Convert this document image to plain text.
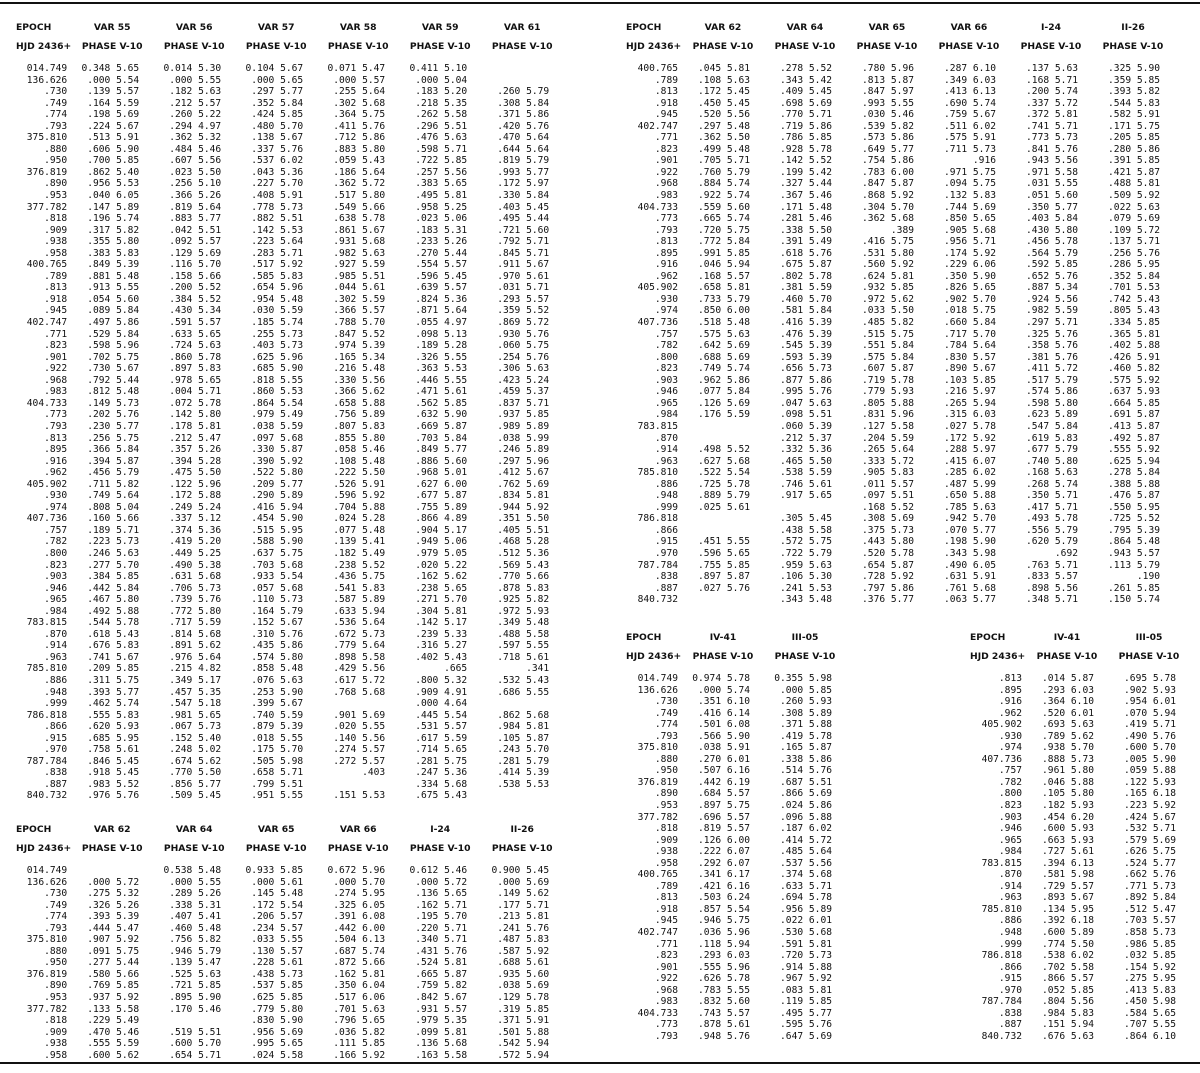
EPOCH	VAR 55	VAR 56	VAR 57	VAR 58	VAR 59	VAR 61
HJD 2436+	PHASE V-10	PHASE V-10	PHASE V-10	PHASE V-10	PHASE V-10	PHASE V-10

014.749	0.348 5.65	0.014 5.30	0.104 5.67	0.071 5.47	0.411 5.10	
136.626	.000 5.54	.000 5.55	.000 5.65	.000 5.57	.000 5.04	
.730	.139 5.57	.182 5.63	.297 5.77	.255 5.64	.183 5.20	.260 5.79
.749	.164 5.59	.212 5.57	.352 5.84	.302 5.68	.218 5.35	.308 5.84
.774	.198 5.69	.260 5.22	.424 5.85	.364 5.75	.262 5.58	.371 5.86
.793	.224 5.67	.294 4.97	.480 5.70	.411 5.76	.296 5.51	.420 5.76
375.810	.513 5.91	.362 5.32	.138 5.67	.712 5.86	.476 5.63	.470 5.64
.880	.606 5.90	.484 5.46	.337 5.76	.883 5.80	.598 5.71	.644 5.64
.950	.700 5.85	.607 5.56	.537 6.02	.059 5.43	.722 5.85	.819 5.79
376.819	.862 5.40	.023 5.50	.043 5.36	.186 5.64	.257 5.56	.993 5.77
.890	.956 5.53	.256 5.10	.227 5.70	.362 5.72	.383 5.65	.172 5.97
.953	.040 6.05	.366 5.26	.408 5.91	.517 5.80	.495 5.81	.330 5.84
377.782	.147 5.89	.819 5.64	.778 5.73	.549 5.66	.958 5.25	.403 5.45
.818	.196 5.74	.883 5.77	.882 5.51	.638 5.78	.023 5.06	.495 5.44
.909	.317 5.82	.042 5.51	.142 5.53	.861 5.67	.183 5.31	.721 5.60
.938	.355 5.80	.092 5.57	.223 5.64	.931 5.68	.233 5.26	.792 5.71
.958	.383 5.83	.129 5.69	.283 5.71	.982 5.63	.270 5.44	.845 5.71
400.765	.849 5.39	.116 5.70	.517 5.92	.927 5.59	.554 5.57	.911 5.67
.789	.881 5.48	.158 5.66	.585 5.83	.985 5.51	.596 5.45	.970 5.61
.813	.913 5.55	.200 5.52	.654 5.96	.044 5.61	.639 5.57	.031 5.71
.918	.054 5.60	.384 5.52	.954 5.48	.302 5.59	.824 5.36	.293 5.57
.945	.089 5.84	.430 5.34	.030 5.59	.366 5.57	.871 5.64	.359 5.52
402.747	.497 5.86	.591 5.57	.185 5.74	.788 5.70	.055 4.97	.869 5.72
.771	.529 5.84	.633 5.65	.255 5.73	.847 5.52	.098 5.13	.930 5.76
.823	.598 5.96	.724 5.63	.403 5.73	.974 5.39	.189 5.28	.060 5.75
.901	.702 5.75	.860 5.78	.625 5.96	.165 5.34	.326 5.55	.254 5.76
.922	.730 5.67	.897 5.83	.685 5.90	.216 5.48	.363 5.53	.306 5.63
.968	.792 5.44	.978 5.65	.818 5.55	.330 5.56	.446 5.55	.423 5.24
.983	.812 5.48	.004 5.71	.860 5.53	.366 5.62	.471 5.61	.459 5.37
404.733	.149 5.73	.072 5.78	.864 5.54	.658 5.88	.562 5.85	.837 5.71
.773	.202 5.76	.142 5.80	.979 5.49	.756 5.89	.632 5.90	.937 5.85
.793	.230 5.77	.178 5.81	.038 5.59	.807 5.83	.669 5.87	.989 5.89
.813	.256 5.75	.212 5.47	.097 5.68	.855 5.80	.703 5.84	.038 5.99
.895	.366 5.84	.357 5.26	.330 5.87	.058 5.46	.849 5.77	.246 5.89
.916	.394 5.87	.394 5.28	.390 5.92	.108 5.48	.886 5.60	.297 5.96
.962	.456 5.79	.475 5.50	.522 5.80	.222 5.50	.968 5.01	.412 5.67
405.902	.711 5.82	.122 5.96	.209 5.77	.526 5.91	.627 6.00	.762 5.69
.930	.749 5.64	.172 5.88	.290 5.89	.596 5.92	.677 5.87	.834 5.81
.974	.808 5.04	.249 5.24	.416 5.94	.704 5.88	.755 5.89	.944 5.92
407.736	.160 5.66	.337 5.12	.454 5.90	.024 5.28	.866 4.89	.351 5.50
.757	.189 5.71	.374 5.36	.515 5.95	.077 5.48	.904 5.17	.405 5.51
.782	.223 5.73	.419 5.20	.588 5.90	.139 5.41	.949 5.06	.468 5.28
.800	.246 5.63	.449 5.25	.637 5.75	.182 5.49	.979 5.05	.512 5.36
.823	.277 5.70	.490 5.38	.703 5.68	.238 5.52	.020 5.22	.569 5.43
.903	.384 5.85	.631 5.68	.933 5.54	.436 5.75	.162 5.62	.770 5.66
.946	.442 5.84	.706 5.73	.057 5.68	.541 5.83	.238 5.65	.878 5.83
.965	.467 5.80	.739 5.76	.110 5.73	.587 5.89	.271 5.70	.925 5.82
.984	.492 5.88	.772 5.80	.164 5.79	.633 5.94	.304 5.81	.972 5.93
783.815	.544 5.78	.717 5.59	.152 5.67	.536 5.64	.142 5.17	.349 5.48
.870	.618 5.43	.814 5.68	.310 5.76	.672 5.73	.239 5.33	.488 5.58
.914	.676 5.83	.891 5.62	.435 5.86	.779 5.64	.316 5.27	.597 5.55
.963	.741 5.67	.976 5.64	.574 5.80	.898 5.58	.402 5.43	.718 5.61
785.810	.209 5.85	.215 4.82	.858 5.48	.429 5.56	.665	.341
.886	.311 5.75	.349 5.17	.076 5.63	.617 5.72	.800 5.32	.532 5.43
.948	.393 5.77	.457 5.35	.253 5.90	.768 5.68	.909 4.91	.686 5.55
.999	.462 5.74	.547 5.18	.399 5.67		.000 4.64	
786.818	.555 5.83	.981 5.65	.740 5.59	.901 5.69	.445 5.54	.862 5.68
.866	.620 5.93	.067 5.73	.879 5.39	.020 5.55	.531 5.57	.984 5.81
.915	.685 5.95	.152 5.40	.018 5.55	.140 5.56	.617 5.59	.105 5.87
.970	.758 5.61	.248 5.02	.175 5.70	.274 5.57	.714 5.65	.243 5.70
787.784	.846 5.45	.674 5.62	.505 5.98	.272 5.57	.281 5.75	.281 5.79
.838	.918 5.45	.770 5.50	.658 5.71	.403	.247 5.36	.414 5.39
.887	.983 5.52	.856 5.77	.799 5.51		.334 5.68	.538 5.53
840.732	.976 5.76	.509 5.45	.951 5.55	.151 5.53	.675 5.43	
EPOCH	VAR 62	VAR 64	VAR 65	VAR 66	I-24	II-26
HJD 2436+	PHASE V-10	PHASE V-10	PHASE V-10	PHASE V-10	PHASE V-10	PHASE V-10

014.749		0.538 5.48	0.933 5.85	0.672 5.96	0.612 5.46	0.900 5.45
136.626	.000 5.72	.000 5.55	.000 5.61	.000 5.70	.000 5.72	.000 5.69
.730	.275 5.32	.289 5.26	.145 5.48	.274 5.95	.136 5.65	.149 5.62
.749	.326 5.26	.338 5.31	.172 5.54	.325 6.05	.162 5.71	.177 5.71
.774	.393 5.39	.407 5.41	.206 5.57	.391 6.08	.195 5.70	.213 5.81
.793	.444 5.47	.460 5.48	.234 5.57	.442 6.00	.220 5.71	.241 5.76
375.810	.907 5.92	.756 5.82	.033 5.55	.504 6.13	.340 5.71	.487 5.83
.880	.091 5.75	.946 5.79	.130 5.57	.687 5.74	.431 5.76	.587 5.92
.950	.277 5.44	.139 5.47	.228 5.61	.872 5.66	.524 5.81	.688 5.61
376.819	.580 5.66	.525 5.63	.438 5.73	.162 5.81	.665 5.87	.935 5.60
.890	.769 5.85	.721 5.85	.537 5.85	.350 6.04	.759 5.82	.038 5.69
.953	.937 5.92	.895 5.90	.625 5.85	.517 6.06	.842 5.67	.129 5.78
377.782	.133 5.58	.170 5.46	.779 5.80	.701 5.63	.931 5.57	.319 5.85
.818	.229 5.49		.830 5.90	.796 5.65	.979 5.35	.371 5.91
.909	.470 5.46	.519 5.51	.956 5.69	.036 5.82	.099 5.81	.501 5.88
.938	.555 5.59	.600 5.70	.995 5.65	.111 5.85	.136 5.68	.542 5.94
.958	.600 5.62	.654 5.71	.024 5.58	.166 5.92	.163 5.58	.572 5.94
EPOCH	VAR 62	VAR 64	VAR 65	VAR 66	I-24	II-26
HJD 2436+	PHASE V-10	PHASE V-10	PHASE V-10	PHASE V-10	PHASE V-10	PHASE V-10

400.765	.045 5.81	.278 5.52	.780 5.96	.287 6.10	.137 5.63	.325 5.90
.789	.108 5.63	.343 5.42	.813 5.87	.349 6.03	.168 5.71	.359 5.85
.813	.172 5.45	.409 5.45	.847 5.97	.413 6.13	.200 5.74	.393 5.82
.918	.450 5.45	.698 5.69	.993 5.55	.690 5.74	.337 5.72	.544 5.83
.945	.520 5.56	.770 5.71	.030 5.46	.759 5.67	.372 5.81	.582 5.91
402.747	.297 5.48	.719 5.86	.539 5.82	.511 6.02	.741 5.71	.171 5.75
.771	.362 5.50	.786 5.85	.573 5.86	.575 5.91	.773 5.73	.205 5.85
.823	.499 5.48	.928 5.78	.649 5.77	.711 5.73	.841 5.76	.280 5.86
.901	.705 5.71	.142 5.52	.754 5.86	.916	.943 5.56	.391 5.85
.922	.760 5.79	.199 5.42	.783 6.00	.971 5.75	.971 5.58	.421 5.87
.968	.884 5.74	.327 5.44	.847 5.87	.094 5.75	.031 5.55	.488 5.81
.983	.922 5.74	.367 5.46	.868 5.92	.132 5.83	.051 5.60	.509 5.92
404.733	.559 5.60	.171 5.48	.304 5.70	.744 5.69	.350 5.77	.022 5.63
.773	.665 5.74	.281 5.46	.362 5.68	.850 5.65	.403 5.84	.079 5.69
.793	.720 5.75	.338 5.50	.389	.905 5.68	.430 5.80	.109 5.72
.813	.772 5.84	.391 5.49	.416 5.75	.956 5.71	.456 5.78	.137 5.71
.895	.991 5.85	.618 5.76	.531 5.80	.174 5.92	.564 5.79	.256 5.76
.916	.046 5.94	.675 5.87	.560 5.92	.229 6.06	.592 5.85	.286 5.95
.962	.168 5.57	.802 5.78	.624 5.81	.350 5.90	.652 5.76	.352 5.84
405.902	.658 5.81	.381 5.59	.932 5.85	.826 5.65	.887 5.34	.701 5.53
.930	.733 5.79	.460 5.70	.972 5.62	.902 5.70	.924 5.56	.742 5.43
.974	.850 6.00	.581 5.84	.033 5.50	.018 5.75	.982 5.59	.805 5.43
407.736	.518 5.48	.416 5.39	.485 5.82	.660 5.84	.297 5.71	.334 5.85
.757	.575 5.63	.476 5.39	.515 5.75	.717 5.70	.325 5.76	.365 5.81
.782	.642 5.69	.545 5.39	.551 5.84	.784 5.64	.358 5.76	.402 5.88
.800	.688 5.69	.593 5.39	.575 5.84	.830 5.57	.381 5.76	.426 5.91
.823	.749 5.74	.656 5.73	.607 5.87	.890 5.67	.411 5.72	.460 5.82
.903	.962 5.86	.877 5.86	.719 5.78	.103 5.85	.517 5.79	.575 5.92
.946	.077 5.84	.995 5.76	.779 5.93	.216 5.97	.574 5.86	.637 5.93
.965	.126 5.69	.047 5.63	.805 5.88	.265 5.94	.598 5.80	.664 5.85
.984	.176 5.59	.098 5.51	.831 5.96	.315 6.03	.623 5.89	.691 5.87
783.815		.060 5.39	.127 5.58	.027 5.78	.547 5.84	.413 5.87
.870		.212 5.37	.204 5.59	.172 5.92	.619 5.83	.492 5.87
.914	.498 5.52	.332 5.36	.265 5.64	.288 5.97	.677 5.79	.555 5.92
.963	.627 5.68	.465 5.50	.333 5.72	.415 6.07	.740 5.80	.625 5.94
785.810	.522 5.54	.538 5.59	.905 5.83	.285 6.02	.168 5.63	.278 5.84
.886	.725 5.78	.746 5.61	.011 5.57	.487 5.99	.268 5.74	.388 5.88
.948	.889 5.79	.917 5.65	.097 5.51	.650 5.88	.350 5.71	.476 5.87
.999	.025 5.61		.168 5.52	.785 5.63	.417 5.71	.550 5.95
786.818		.305 5.45	.308 5.69	.942 5.70	.493 5.78	.725 5.52
.866		.438 5.58	.375 5.73	.070 5.77	.556 5.79	.795 5.39
.915	.451 5.55	.572 5.75	.443 5.80	.198 5.90	.620 5.79	.864 5.48
.970	.596 5.65	.722 5.79	.520 5.78	.343 5.98	.692	.943 5.57
787.784	.755 5.85	.959 5.63	.654 5.87	.490 6.05	.763 5.71	.113 5.79
.838	.897 5.87	.106 5.30	.728 5.92	.631 5.91	.833 5.57	.190
.887	.027 5.76	.241 5.53	.797 5.86	.761 5.68	.898 5.56	.261 5.85
840.732		.343 5.48	.376 5.77	.063 5.77	.348 5.71	.150 5.74
EPOCH	IV-41	III-05
HJD 2436+	PHASE V-10	PHASE V-10

014.749	0.974 5.78	0.355 5.98
136.626	.000 5.74	.000 5.85
.730	.351 6.10	.260 5.93
.749	.416 6.14	.308 5.89
.774	.501 6.08	.371 5.88
.793	.566 5.90	.419 5.78
375.810	.038 5.91	.165 5.87
.880	.270 6.01	.338 5.86
.950	.507 6.16	.514 5.76
376.819	.442 6.19	.687 5.51
.890	.684 5.57	.866 5.69
.953	.897 5.75	.024 5.86
377.782	.696 5.57	.096 5.88
.818	.819 5.57	.187 6.02
.909	.126 6.00	.414 5.72
.938	.222 6.07	.485 5.64
.958	.292 6.07	.537 5.56
400.765	.341 6.17	.374 5.68
.789	.421 6.16	.633 5.71
.813	.503 6.24	.694 5.78
.918	.857 5.54	.956 5.89
.945	.946 5.75	.022 6.01
402.747	.036 5.96	.530 5.68
.771	.118 5.94	.591 5.81
.823	.293 6.03	.720 5.73
.901	.555 5.96	.914 5.88
.922	.626 5.78	.967 5.92
.968	.783 5.55	.083 5.81
.983	.832 5.60	.119 5.85
404.733	.743 5.57	.495 5.77
.773	.878 5.61	.595 5.76
.793	.948 5.76	.647 5.69
EPOCH	IV-41	III-05
HJD 2436+	PHASE V-10	PHASE V-10

.813	.014 5.87	.695 5.78
.895	.293 6.03	.902 5.93
.916	.364 6.10	.954 6.01
.962	.520 6.01	.070 5.94
405.902	.693 5.63	.419 5.71
.930	.789 5.62	.490 5.76
.974	.938 5.70	.600 5.70
407.736	.888 5.73	.005 5.90
.757	.961 5.80	.059 5.88
.782	.046 5.88	.122 5.93
.800	.105 5.80	.165 6.18
.823	.182 5.93	.223 5.92
.903	.454 6.20	.424 5.67
.946	.600 5.93	.532 5.71
.965	.663 5.93	.579 5.69
.984	.727 5.61	.626 5.75
783.815	.394 6.13	.524 5.77
.870	.581 5.98	.662 5.76
.914	.729 5.57	.771 5.73
.963	.893 5.67	.892 5.84
785.810	.134 5.95	.512 5.47
.886	.392 6.18	.703 5.57
.948	.600 5.89	.858 5.73
.999	.774 5.50	.986 5.85
786.818	.538 6.02	.032 5.85
.866	.702 5.58	.154 5.92
.915	.866 5.57	.275 5.95
.970	.052 5.85	.413 5.83
787.784	.804 5.56	.450 5.98
.838	.984 5.83	.584 5.65
.887	.151 5.94	.707 5.55
840.732	.676 5.63	.864 6.10
